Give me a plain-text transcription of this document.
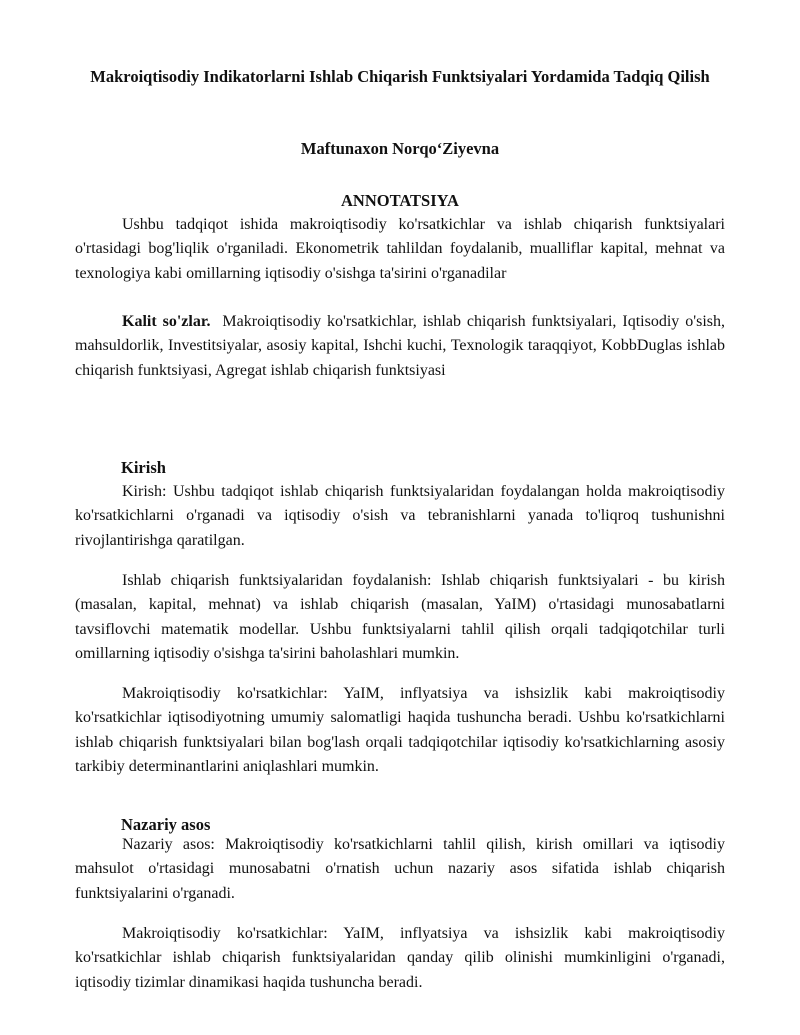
Makroiqtisodiy Indikatorlarni Ishlab Chiqarish Funktsiyalari Yordamida Tadqiq Qilish
Maftunaxon Norqo‘Ziyevna
ANNOTATSIYA

Ushbu tadqiqot ishida makroiqtisodiy ko'rsatkichlar va ishlab chiqarish funktsiyalari o'rtasidagi bog'liqlik o'rganiladi. Ekonometrik tahlildan foydalanib, mualliflar kapital, mehnat va texnologiya kabi omillarning iqtisodiy o'sishga ta'sirini o'rganadilar

Kalit so'zlar. Makroiqtisodiy ko'rsatkichlar, ishlab chiqarish funktsiyalari, Iqtisodiy o'sish, mahsuldorlik, Investitsiyalar, asosiy kapital, Ishchi kuchi, Texnologik taraqqiyot, KobbDuglas ishlab chiqarish funktsiyasi, Agregat ishlab chiqarish funktsiyasi

Kirish

Kirish: Ushbu tadqiqot ishlab chiqarish funktsiyalaridan foydalangan holda makroiqtisodiy ko'rsatkichlarni o'rganadi va iqtisodiy o'sish va tebranishlarni yanada to'liqroq tushunishni rivojlantirishga qaratilgan.

Ishlab chiqarish funktsiyalaridan foydalanish: Ishlab chiqarish funktsiyalari - bu kirish (masalan, kapital, mehnat) va ishlab chiqarish (masalan, YaIM) o'rtasidagi munosabatlarni tavsiflovchi matematik modellar. Ushbu funktsiyalarni tahlil qilish orqali tadqiqotchilar turli omillarning iqtisodiy o'sishga ta'sirini baholashlari mumkin.

Makroiqtisodiy ko'rsatkichlar: YaIM, inflyatsiya va ishsizlik kabi makroiqtisodiy ko'rsatkichlar iqtisodiyotning umumiy salomatligi haqida tushuncha beradi. Ushbu ko'rsatkichlarni ishlab chiqarish funktsiyalari bilan bog'lash orqali tadqiqotchilar iqtisodiy ko'rsatkichlarning asosiy tarkibiy determinantlarini aniqlashlari mumkin.

Nazariy asos

Nazariy asos: Makroiqtisodiy ko'rsatkichlarni tahlil qilish, kirish omillari va iqtisodiy mahsulot o'rtasidagi munosabatni o'rnatish uchun nazariy asos sifatida ishlab chiqarish funktsiyalarini o'rganadi.

Makroiqtisodiy ko'rsatkichlar: YaIM, inflyatsiya va ishsizlik kabi makroiqtisodiy ko'rsatkichlar ishlab chiqarish funktsiyalaridan qanday qilib olinishi mumkinligini o'rganadi, iqtisodiy tizimlar dinamikasi haqida tushuncha beradi.
